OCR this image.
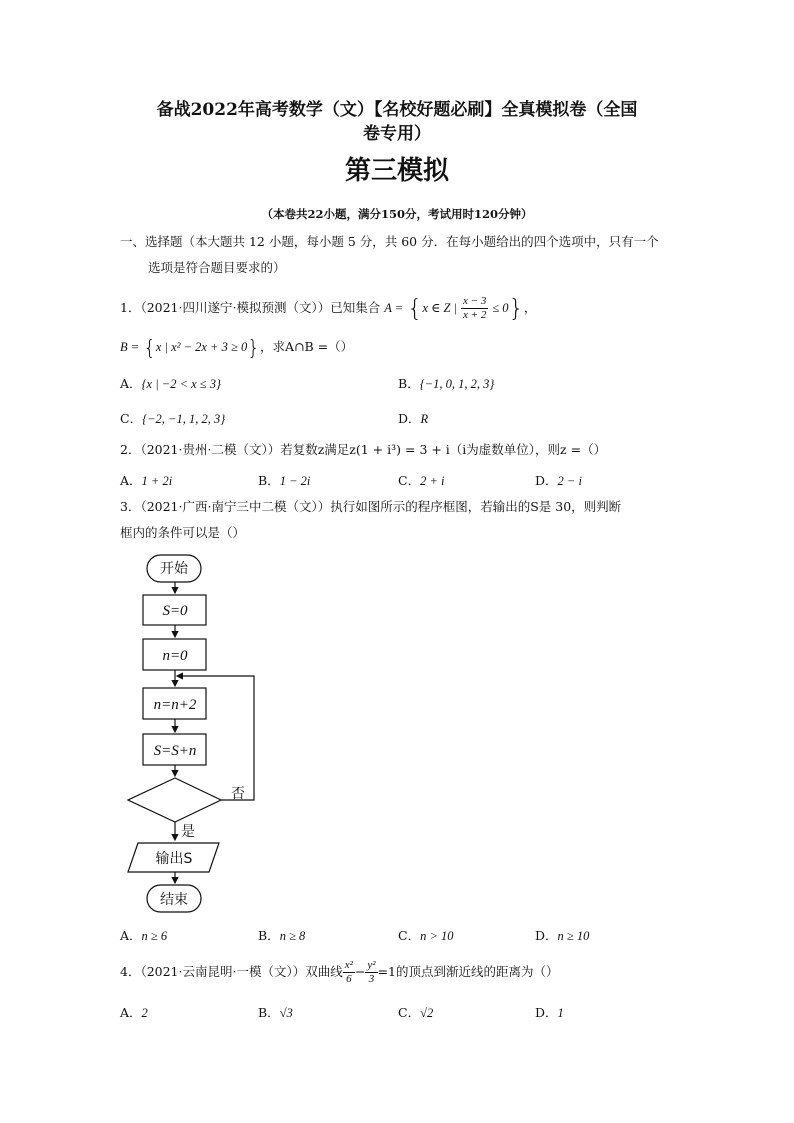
备战2022年高考数学（文）【名校好题必刷】全真模拟卷（全国
卷专用）
第三模拟
（本卷共22小题，满分150分，考试用时120分钟）
一、选择题（本大题共 12 小题，每小题 5 分，共 60 分．在每小题给出的四个选项中，只有一个
选项是符合题目要求的）
1．（2021·四川遂宁·模拟预测（文））已知集合 A = {x ∈ Z | $\frac{x - 3}{x + 2} \le 0$}，
B = {x | x² − 2x + 3 ≥ 0}，求A∩B =（）
A．{x | −2 < x ≤ 3}	B．{−1, 0, 1, 2, 3}
C．{−2, −1, 1, 2, 3}	D．R
2．（2021·贵州·二模（文））若复数z满足z(1 + i³) = 3 + i（i为虚数单位），则z =（）
A．1 + 2i	B．1 − 2i	C．2 + i	D．2 − i
3．（2021·广西·南宁三中二模（文））执行如图所示的程序框图，若输出的S是 30，则判断
框内的条件可以是（）
开始
S=0
n=0
n=n+2
S=S+n
否
是
输出S
结束
A．n ≥ 6	B．n ≥ 8	C．n > 10	D．n ≥ 10
4．（2021·云南昆明·一模（文））双曲线 $\frac{\text{x²}}{6} - \frac{\text{y²}}{3} =1$的顶点到渐近线的距离为（）
A．2	B．√3	C．√2	D．1
